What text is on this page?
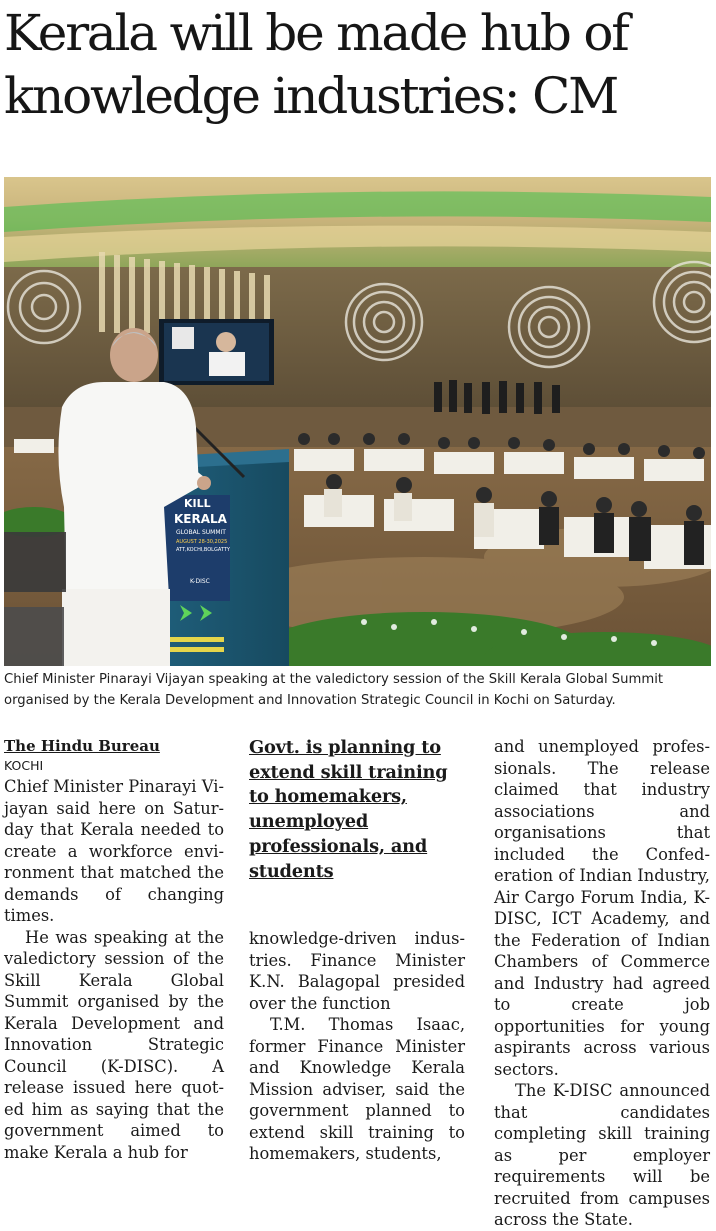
Kerala will be made hub of knowledge industries: CM
KILL
KERALA
GLOBAL SUMMIT
AUGUST 28-30,2025
ATT,KOCHI,BOLGATTY
K-DISC
Chief Minister Pinarayi Vijayan speaking at the valedictory session of the Skill Kerala Global Summit organised by the Kerala Development and Innovation Strategic Council in Kochi on Saturday.

The Hindu Bureau

KOCHI

Chief Minister Pinarayi Vijayan said here on Saturday that Kerala needed to create a workforce environment that matched the demands of changing times.

He was speaking at the valedictory session of the Skill Kerala Global Summit organised by the Kerala Development and Innovation Strategic Council (K-DISC). A release issued here quoted him as saying that the government aimed to make Kerala a hub for

Govt. is planning to extend skill training to homemakers, unemployed professionals, and students

knowledge-driven industries. Finance Minister K.N. Balagopal presided over the function

T.M. Thomas Isaac, former Finance Minister and Knowledge Kerala Mission adviser, said the government planned to extend skill training to homemakers, students,

and unemployed professionals. The release claimed that industry associations and organisations that included the Confederation of Indian Industry, Air Cargo Forum India, K-DISC, ICT Academy, and the Federation of Indian Chambers of Commerce and Industry had agreed to create job opportunities for young aspirants across various sectors.

The K-DISC announced that candidates completing skill training as per employer requirements will be recruited from campuses across the State.
